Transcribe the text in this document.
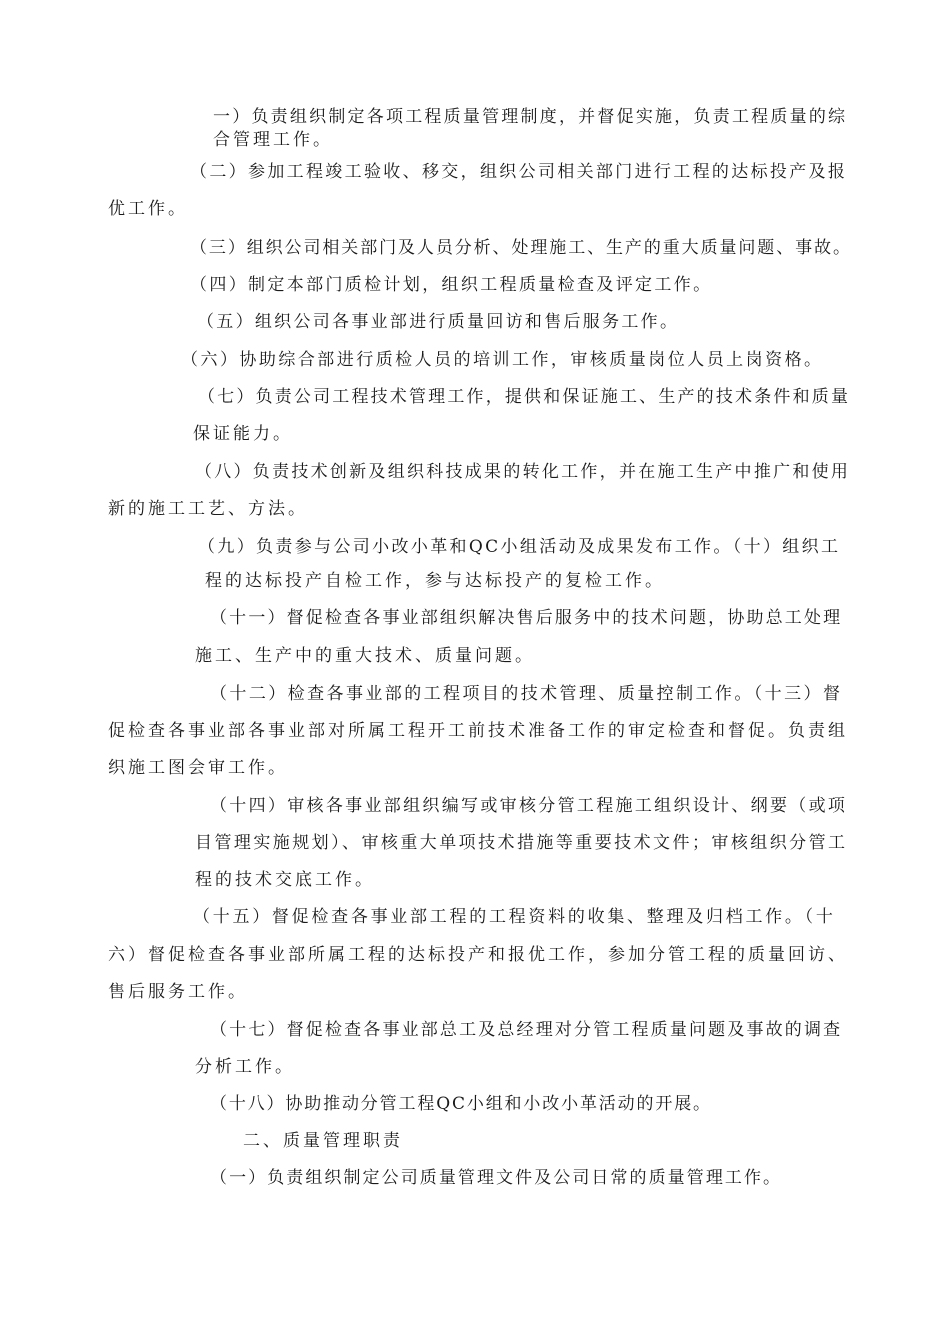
一）负责组织制定各项工程质量管理制度，并督促实施，负责工程质量的综
合管理工作。
（二）参加工程竣工验收、移交，组织公司相关部门进行工程的达标投产及报
优工作。
（三）组织公司相关部门及人员分析、处理施工、生产的重大质量问题、事故。
（四）制定本部门质检计划，组织工程质量检查及评定工作。
（五）组织公司各事业部进行质量回访和售后服务工作。
（六）协助综合部进行质检人员的培训工作，审核质量岗位人员上岗资格。
（七）负责公司工程技术管理工作，提供和保证施工、生产的技术条件和质量
保证能力。
（八）负责技术创新及组织科技成果的转化工作，并在施工生产中推广和使用
新的施工工艺、方法。
（九）负责参与公司小改小革和QC小组活动及成果发布工作。（十）组织工
程的达标投产自检工作，参与达标投产的复检工作。
（十一）督促检查各事业部组织解决售后服务中的技术问题，协助总工处理
施工、生产中的重大技术、质量问题。
（十二）检查各事业部的工程项目的技术管理、质量控制工作。（十三）督
促检查各事业部各事业部对所属工程开工前技术准备工作的审定检查和督促。负责组
织施工图会审工作。
（十四）审核各事业部组织编写或审核分管工程施工组织设计、纲要（或项
目管理实施规划）、审核重大单项技术措施等重要技术文件；审核组织分管工
程的技术交底工作。
（十五）督促检查各事业部工程的工程资料的收集、整理及归档工作。（十
六）督促检查各事业部所属工程的达标投产和报优工作，参加分管工程的质量回访、
售后服务工作。
（十七）督促检查各事业部总工及总经理对分管工程质量问题及事故的调查
分析工作。
（十八）协助推动分管工程QC小组和小改小革活动的开展。
二、质量管理职责
（一）负责组织制定公司质量管理文件及公司日常的质量管理工作。
